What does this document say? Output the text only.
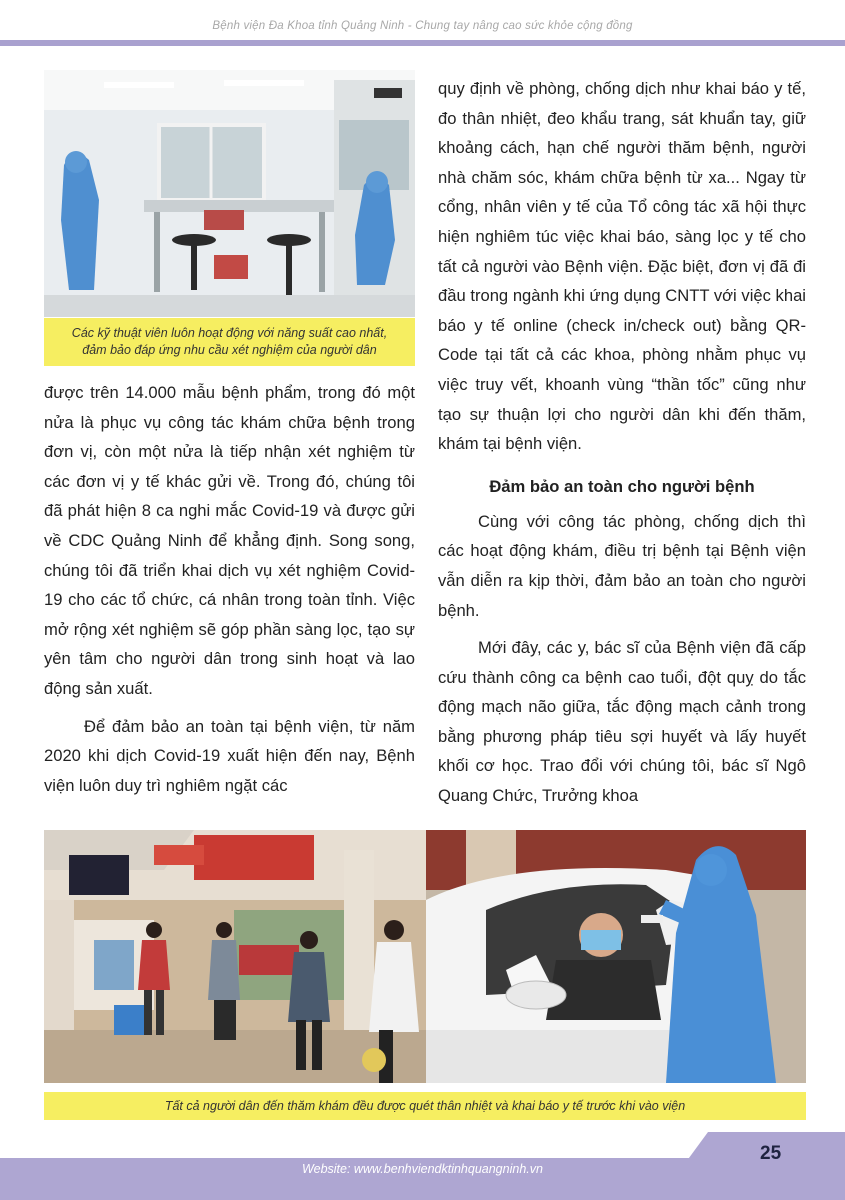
Bệnh viện Đa Khoa tỉnh Quảng Ninh - Chung tay nâng cao sức khỏe cộng đồng
Các kỹ thuật viên luôn hoạt động với năng suất cao nhất,
đảm bảo đáp ứng nhu cầu xét nghiệm của người dân

được trên 14.000 mẫu bệnh phẩm, trong đó một nửa là phục vụ công tác khám chữa bệnh trong đơn vị, còn một nửa là tiếp nhận xét nghiệm từ các đơn vị y tế khác gửi về. Trong đó, chúng tôi đã phát hiện 8 ca nghi mắc Covid-19 và được gửi về CDC Quảng Ninh để khẳng định. Song song, chúng tôi đã triển khai dịch vụ xét nghiệm Covid-19 cho các tổ chức, cá nhân trong toàn tỉnh. Việc mở rộng xét nghiệm sẽ góp phần sàng lọc, tạo sự yên tâm cho người dân trong sinh hoạt và lao động sản xuất.

Để đảm bảo an toàn tại bệnh viện, từ năm 2020 khi dịch Covid-19 xuất hiện đến nay, Bệnh viện luôn duy trì nghiêm ngặt các

quy định về phòng, chống dịch như khai báo y tế, đo thân nhiệt, đeo khẩu trang, sát khuẩn tay, giữ khoảng cách, hạn chế người thăm bệnh, người nhà chăm sóc, khám chữa bệnh từ xa... Ngay từ cổng, nhân viên y tế của Tổ công tác xã hội thực hiện nghiêm túc việc khai báo, sàng lọc y tế cho tất cả người vào Bệnh viện. Đặc biệt, đơn vị đã đi đầu trong ngành khi ứng dụng CNTT với việc khai báo y tế online (check in/check out) bằng QR-Code tại tất cả các khoa, phòng nhằm phục vụ việc truy vết, khoanh vùng “thần tốc” cũng như tạo sự thuận lợi cho người dân khi đến thăm, khám tại bệnh viện.

Đảm bảo an toàn cho người bệnh

Cùng với công tác phòng, chống dịch thì các hoạt động khám, điều trị bệnh tại Bệnh viện vẫn diễn ra kịp thời, đảm bảo an toàn cho người bệnh.

Mới đây, các y, bác sĩ của Bệnh viện đã cấp cứu thành công ca bệnh cao tuổi, đột quỵ do tắc động mạch não giữa, tắc động mạch cảnh trong bằng phương pháp tiêu sợi huyết và lấy huyết khối cơ học. Trao đổi với chúng tôi, bác sĩ Ngô Quang Chức, Trưởng khoa

Tất cả người dân đến thăm khám đều được quét thân nhiệt và khai báo y tế trước khi vào viện
25
Website: www.benhviendktinhquangninh.vn
